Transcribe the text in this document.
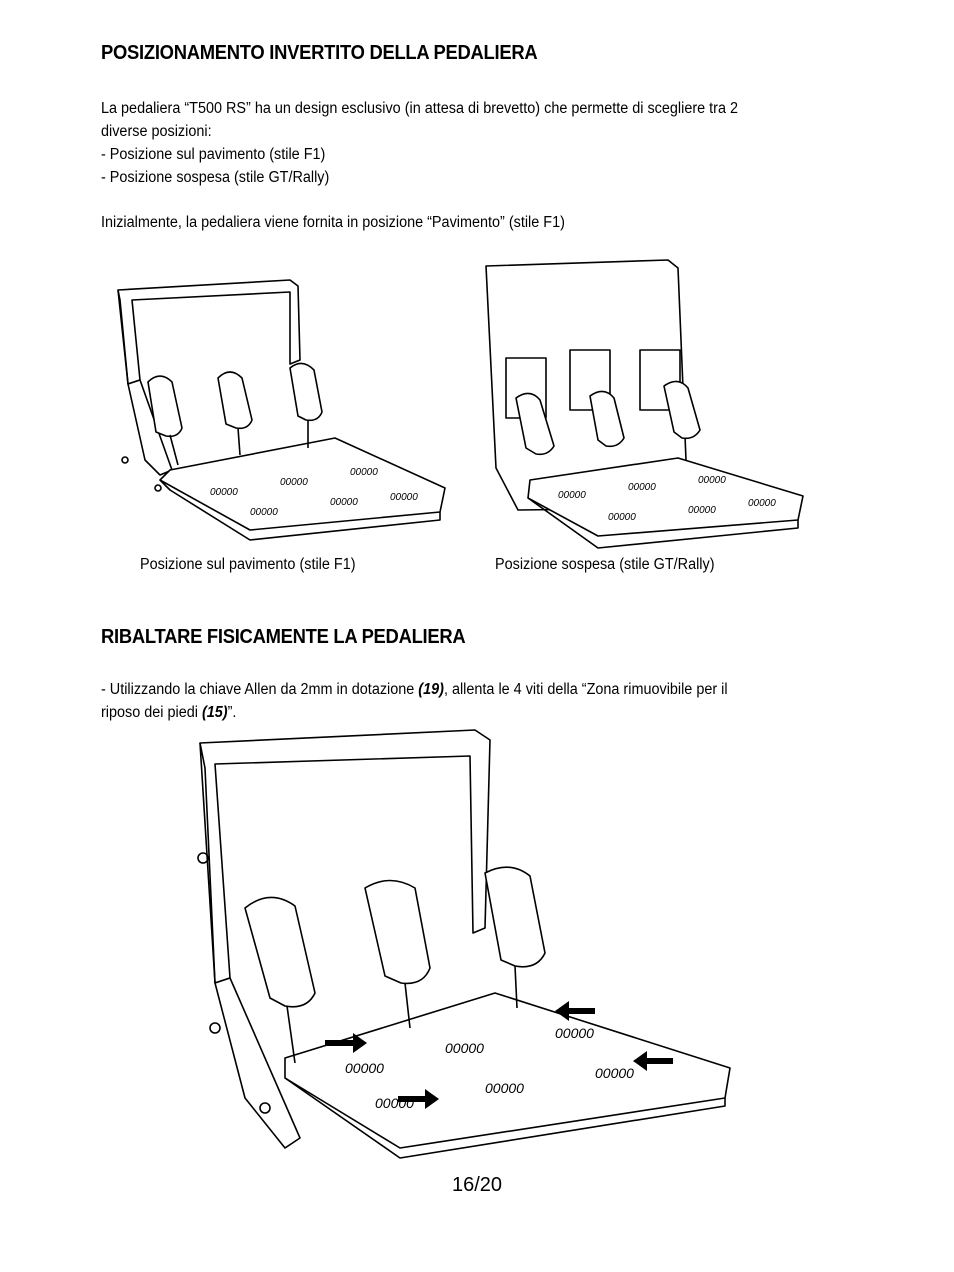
POSIZIONAMENTO INVERTITO DELLA PEDALIERA
La pedaliera “T500 RS” ha un design esclusivo (in attesa di brevetto) che permette di scegliere tra 2
diverse posizioni:
- Posizione sul pavimento (stile F1)
- Posizione sospesa (stile GT/Rally)

Inizialmente, la pedaliera viene fornita in posizione “Pavimento” (stile F1)

00000
00000
00000
00000
00000	00000	00000
00000
00000
00000
00000
00000

Posizione sul pavimento (stile F1)	Posizione sospesa (stile GT/Rally)

RIBALTARE FISICAMENTE LA PEDALIERA

- Utilizzando la chiave Allen da 2mm in dotazione (19), allenta le 4 viti della “Zona rimuovibile per il
riposo dei piedi (15)”.

00000
00000
00000
00000
00000
00000

16/20
